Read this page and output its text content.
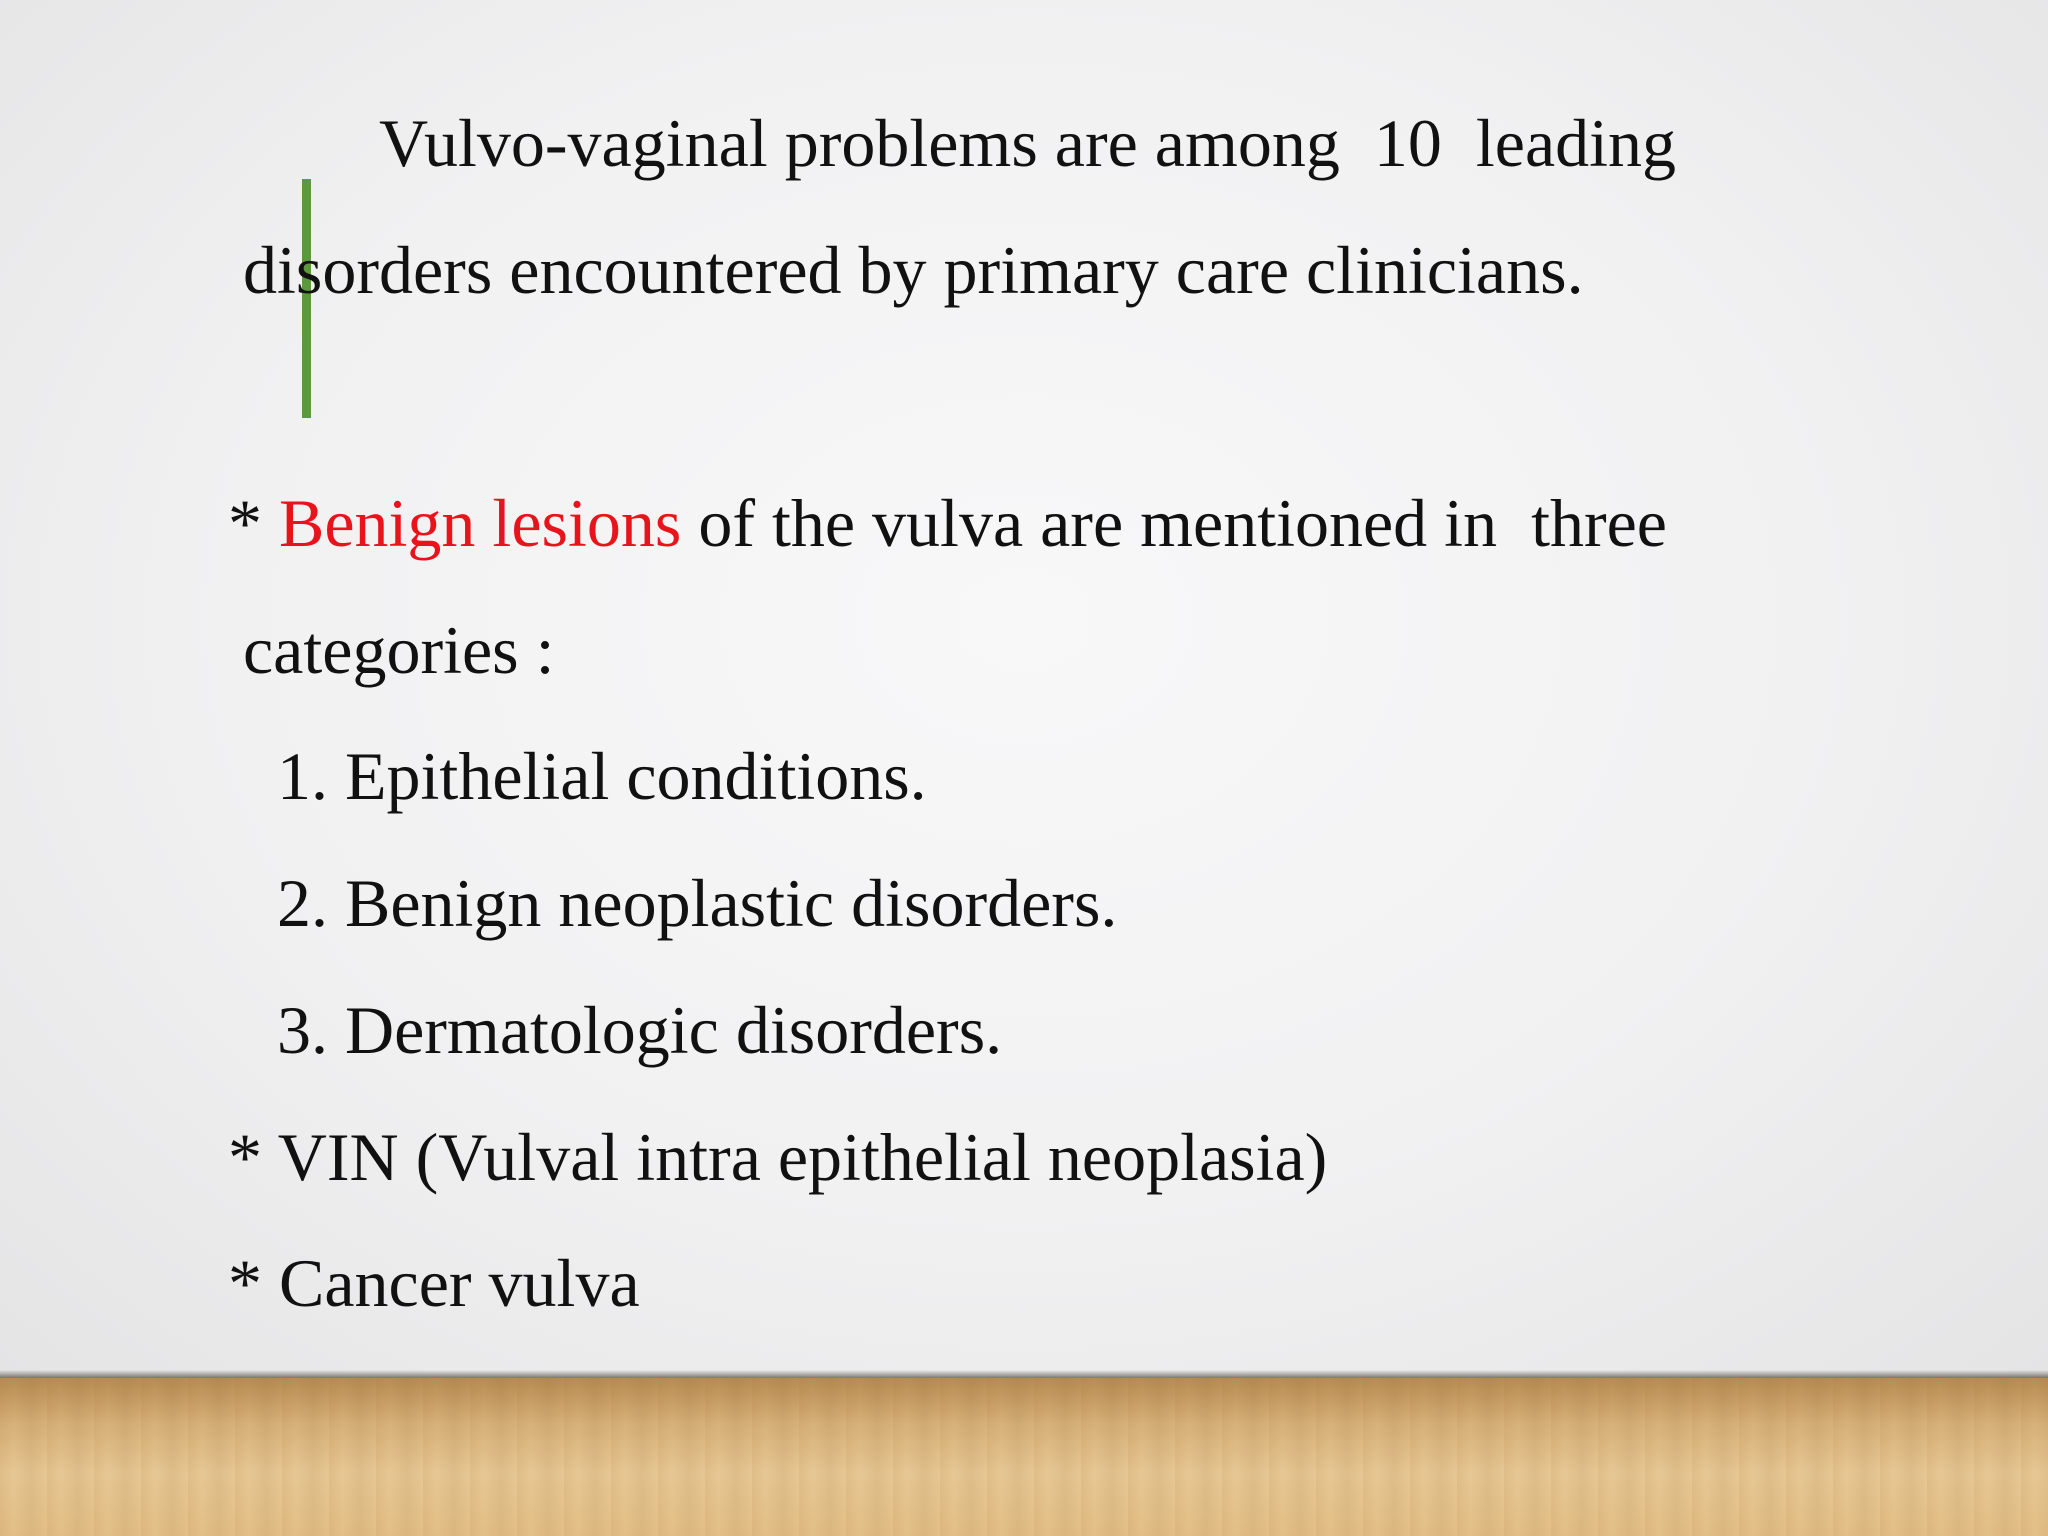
Vulvo-vaginal problems are among  10  leading

disorders encountered by primary care clinicians.

* Benign lesions of the vulva are mentioned in  three

categories :

1. Epithelial conditions.

2. Benign neoplastic disorders.

3. Dermatologic disorders.

* VIN (Vulval intra epithelial neoplasia)

* Cancer vulva
